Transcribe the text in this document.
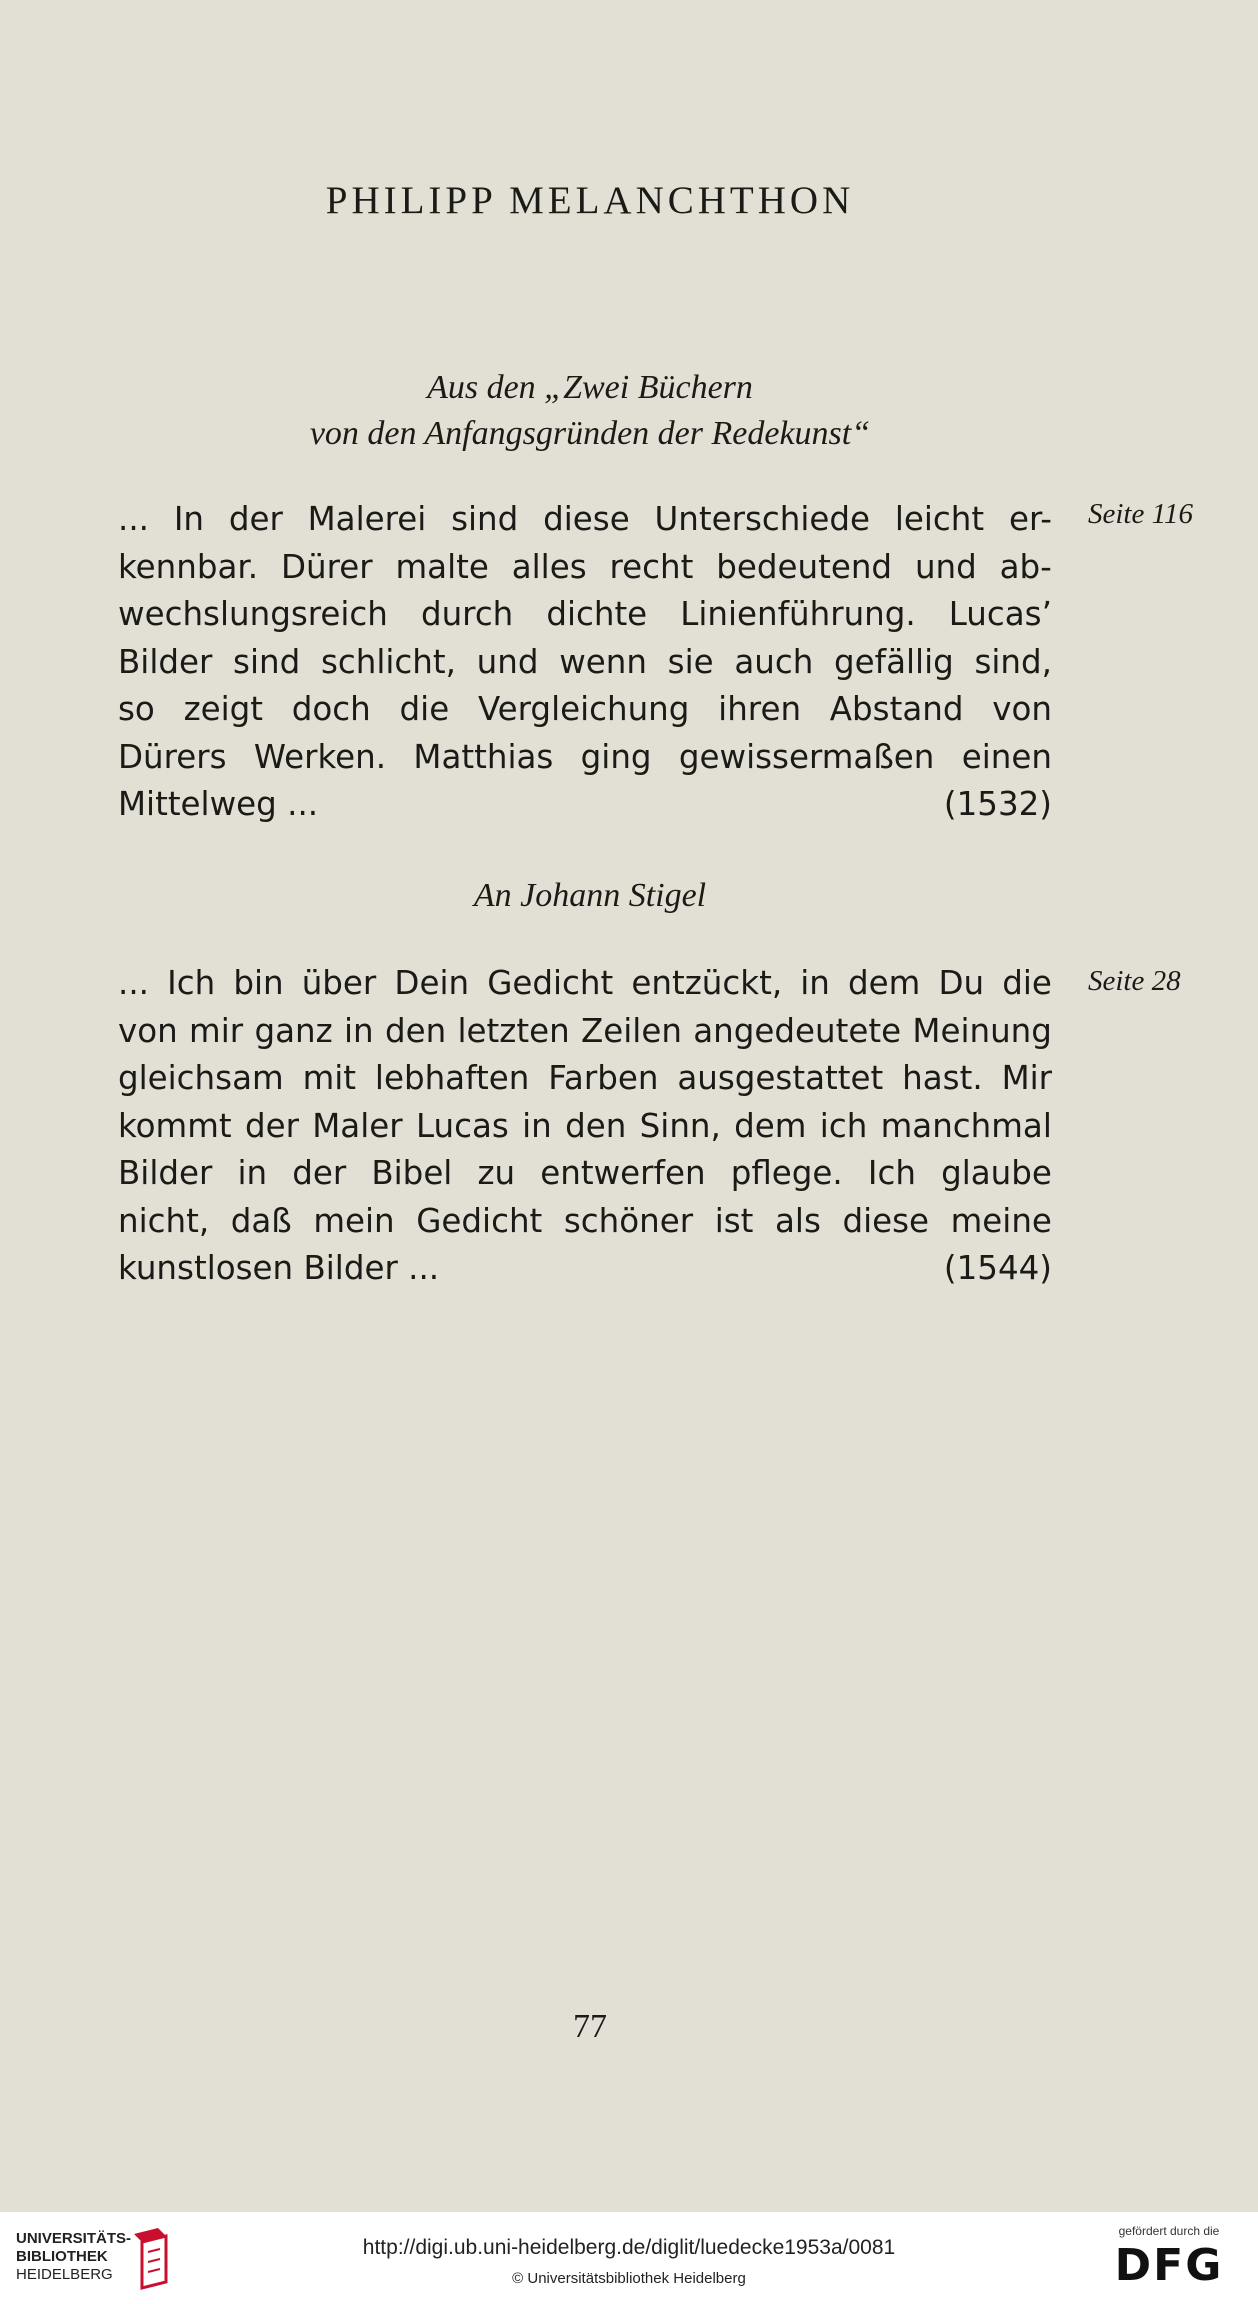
PHILIPP MELANCHTHON
Aus den „Zwei Büchern
von den Anfangsgründen der Redekunst“
... In der Malerei sind diese Unterschiede leicht er-
kennbar. Dürer malte alles recht bedeutend und ab-
wechslungsreich durch dichte Linienführung. Lucas’
Bilder sind schlicht, und wenn sie auch gefällig sind,
so zeigt doch die Vergleichung ihren Abstand von
Dürers Werken. Matthias ging gewissermaßen einen
Mittelweg ...	(1532)
Seite 116
An Johann Stigel
... Ich bin über Dein Gedicht entzückt, in dem Du die
von mir ganz in den letzten Zeilen angedeutete Meinung
gleichsam mit lebhaften Farben ausgestattet hast. Mir
kommt der Maler Lucas in den Sinn, dem ich manchmal
Bilder in der Bibel zu entwerfen pflege. Ich glaube
nicht, daß mein Gedicht schöner ist als diese meine
kunstlosen Bilder ...	(1544)
Seite 28
77
UNIVERSITÄTS-
BIBLIOTHEK
HEIDELBERG
http://digi.ub.uni-heidelberg.de/diglit/luedecke1953a/0081
© Universitätsbibliothek Heidelberg
gefördert durch die
DFG
